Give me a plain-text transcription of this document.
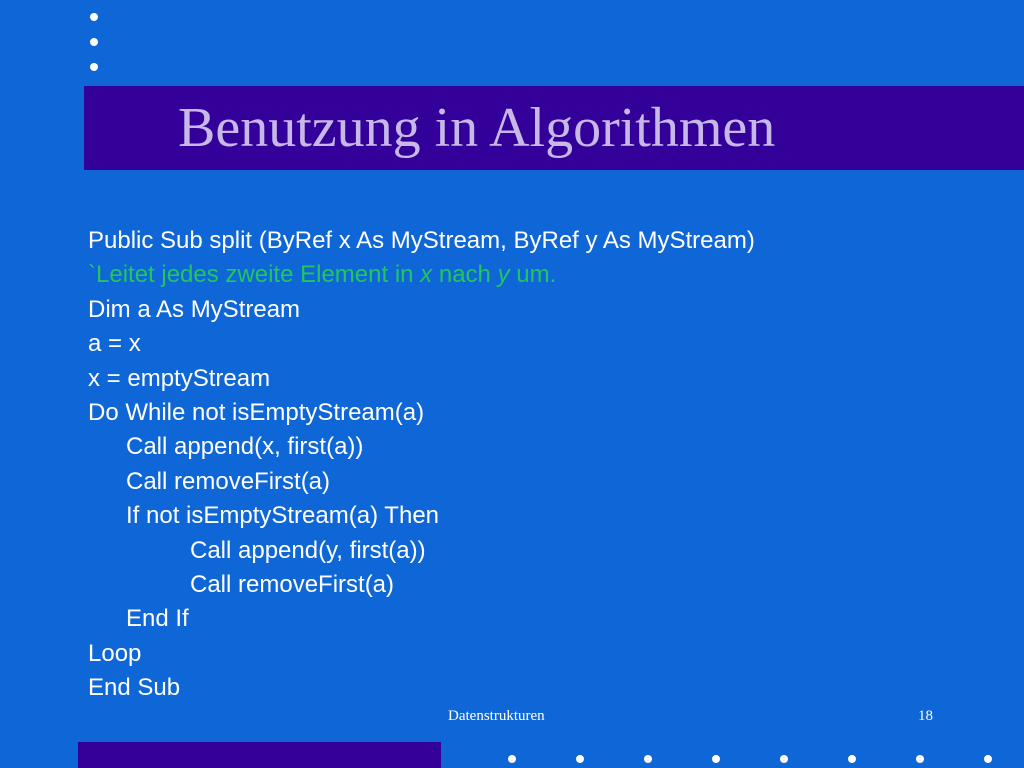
Benutzung in Algorithmen
Public Sub split (ByRef x As MyStream, ByRef y As MyStream)
`Leitet jedes zweite Element in x nach y um.
Dim a As MyStream
a = x
x = emptyStream
Do While not isEmptyStream(a)
Call append(x, first(a))
Call removeFirst(a)
If not isEmptyStream(a) Then
Call append(y, first(a))
Call removeFirst(a)
End If
Loop
End Sub
Datenstrukturen	18
